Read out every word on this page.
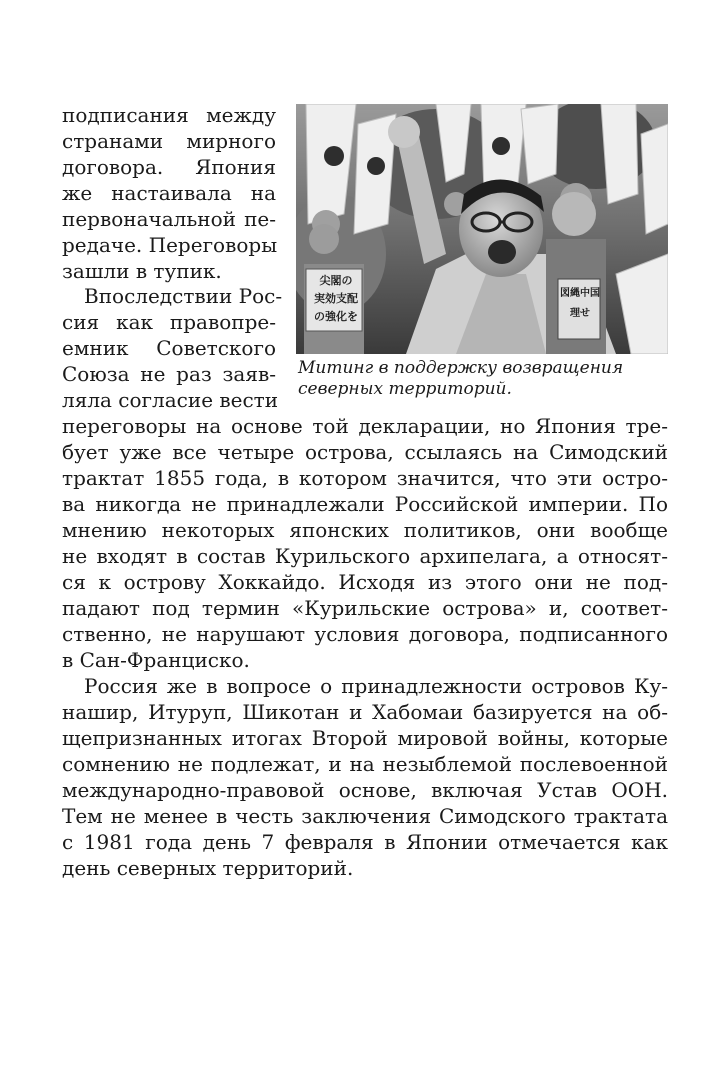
подписания между
странами мирного
договора. Япония
же настаивала на
первоначальной пе-
редаче. Переговоры
зашли в тупик.
Впоследствии Рос-
сия как правопре-
емник Советского
Союза не раз заяв-
ляла согласие вести
переговоры на основе той декларации, но Япония тре-
бует уже все четыре острова, ссылаясь на Симодский
трактат 1855 года, в котором значится, что эти остро-
ва никогда не принадлежали Российской империи. По
мнению некоторых японских политиков, они вообще
не входят в состав Курильского архипелага, а относят-
ся к острову Хоккайдо. Исходя из этого они не под-
падают под термин «Курильские острова» и, соответ-
ственно, не нарушают условия договора, подписанного
в Сан-Франциско.
Россия же в вопросе о принадлежности островов Ку-
нашир, Итуруп, Шикотан и Хабомаи базируется на об-
щепризнанных итогах Второй мировой войны, которые
сомнению не подлежат, и на незыблемой послевоенной
международно-правовой основе, включая Устав ООН.
Тем не менее в честь заключения Симодского трактата
с 1981 года день 7 февраля в Японии отмечается как
день северных территорий.
尖閣の
実効支配
の強化を
図縄中国
理せ
Митинг в поддержку возвращения
северных территорий.
